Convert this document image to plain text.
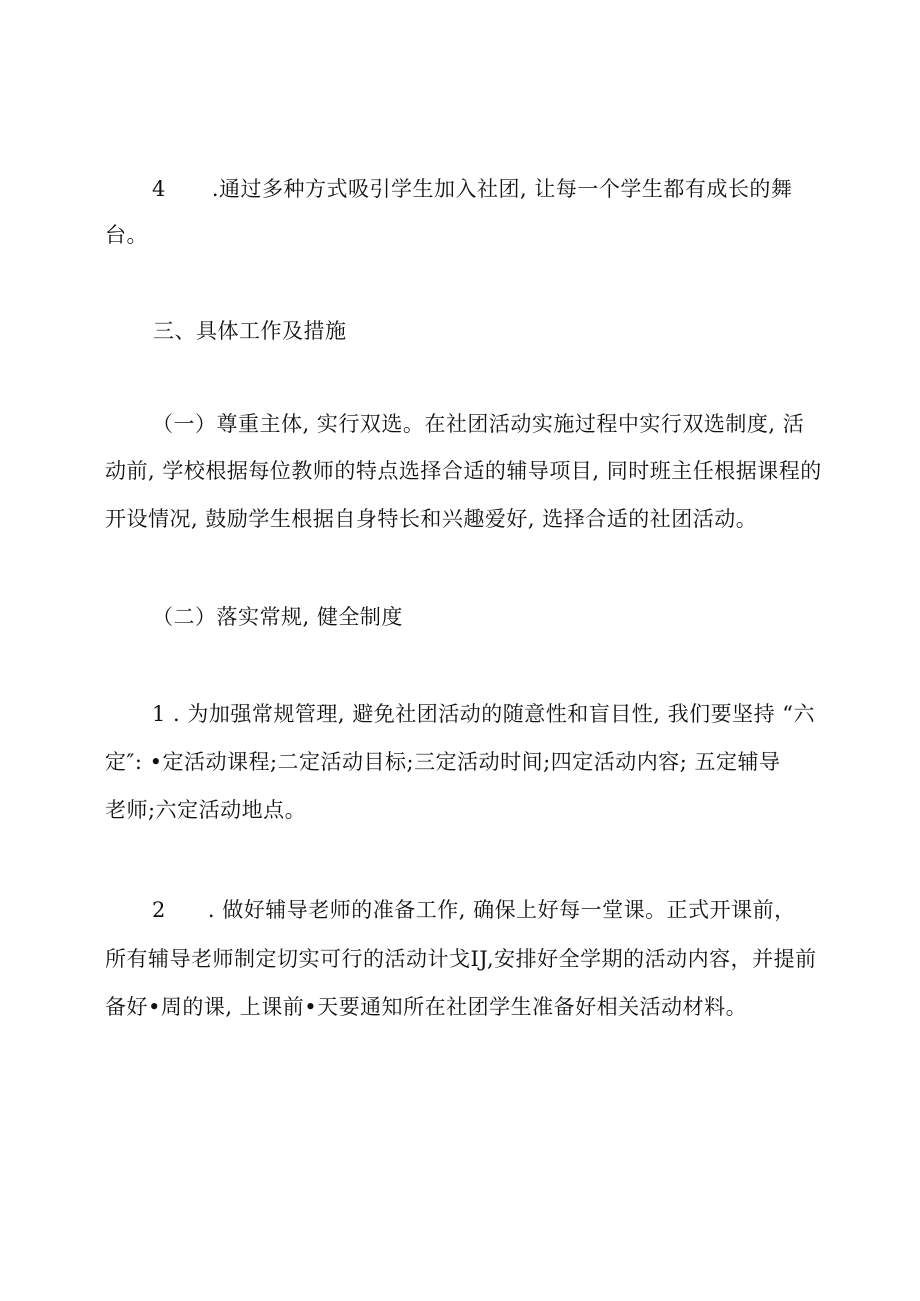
4 .通过多种方式吸引学生加入社团, 让每一个学生都有成长的舞
台。
三、具体工作及措施
（一）尊重主体, 实行双选。在社团活动实施过程中实行双选制度, 活
动前, 学校根据每位教师的特点选择合适的辅导项目, 同时班主任根据课程的
开设情况, 鼓励学生根据自身特长和兴趣爱好, 选择合适的社团活动。
（二）落实常规, 健全制度
1 . 为加强常规管理, 避免社团活动的随意性和盲目性, 我们要坚持 “六
定″: •定活动课程;二定活动目标;三定活动时间;四定活动内容; 五定辅导
老师;六定活动地点。
2 . 做好辅导老师的准备工作, 确保上好每一堂课。正式开课前，
所有辅导老师制定切实可行的活动计戈IJ,安排好全学期的活动内容，并提前
备好•周的课, 上课前•天要通知所在社团学生准备好相关活动材料。
